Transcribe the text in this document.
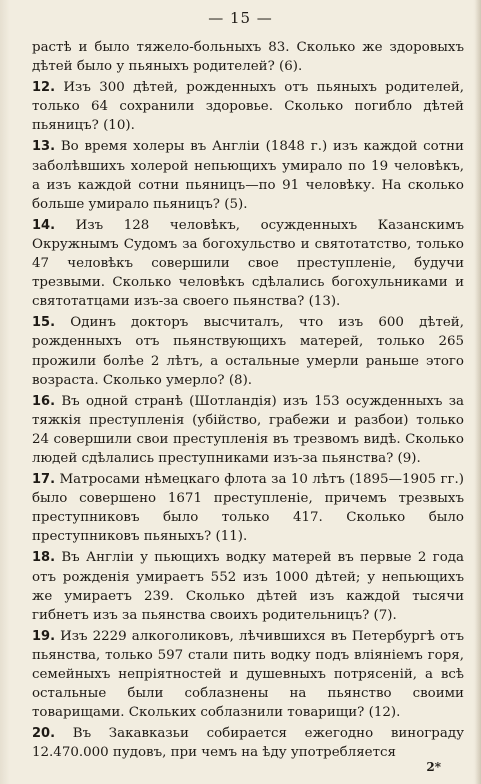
— 15 —

растѣ и было тяжело-больныхъ 83. Сколько же здоровыхъ дѣтей было у пьяныхъ родителей? (6).

12. Изъ 300 дѣтей, рожденныхъ отъ пьяныхъ родителей, только 64 сохранили здоровье. Сколько погибло дѣтей пьяницъ? (10).

13. Во время холеры въ Англіи (1848 г.) изъ каждой сотни заболѣвшихъ холерой непьющихъ умирало по 19 человѣкъ, а изъ каждой сотни пьяницъ—по 91 человѣку. На сколько больше умирало пьяницъ? (5).

14. Изъ 128 человѣкъ, осужденныхъ Казанскимъ Окружнымъ Судомъ за богохульство и святотатство, только 47 человѣкъ совершили свое преступленіе, будучи трезвыми. Сколько человѣкъ сдѣлались богохульниками и святотатцами изъ-за своего пьянства? (13).

15. Одинъ докторъ высчиталъ, что изъ 600 дѣтей, рожденныхъ отъ пьянствующихъ матерей, только 265 прожили болѣе 2 лѣтъ, а остальные умерли раньше этого возраста. Сколько умерло? (8).

16. Въ одной странѣ (Шотландія) изъ 153 осужденныхъ за тяжкія преступленія (убійство, грабежи и разбои) только 24 совершили свои преступленія въ трезвомъ видѣ. Сколько людей сдѣлались преступниками изъ-за пьянства? (9).

17. Матросами нѣмецкаго флота за 10 лѣтъ (1895—1905 гг.) было совершено 1671 преступленіе, причемъ трезвыхъ преступниковъ было только 417. Сколько было преступниковъ пьяныхъ? (11).

18. Въ Англіи у пьющихъ водку матерей въ первые 2 года отъ рожденія умираетъ 552 изъ 1000 дѣтей; у непьющихъ же умираетъ 239. Сколько дѣтей изъ каждой тысячи гибнетъ изъ за пьянства своихъ родительницъ? (7).

19. Изъ 2229 алкоголиковъ, лѣчившихся въ Петербургѣ отъ пьянства, только 597 стали пить водку подъ вліяніемъ горя, семейныхъ непріятностей и душевныхъ потрясеній, а всѣ остальные были соблазнены на пьянство своими товарищами. Скольких соблазнили товарищи? (12).

20. Въ Закавказьи собирается ежегодно винограду 12.470.000 пудовъ, при чемъ на ѣду употребляется

2*
